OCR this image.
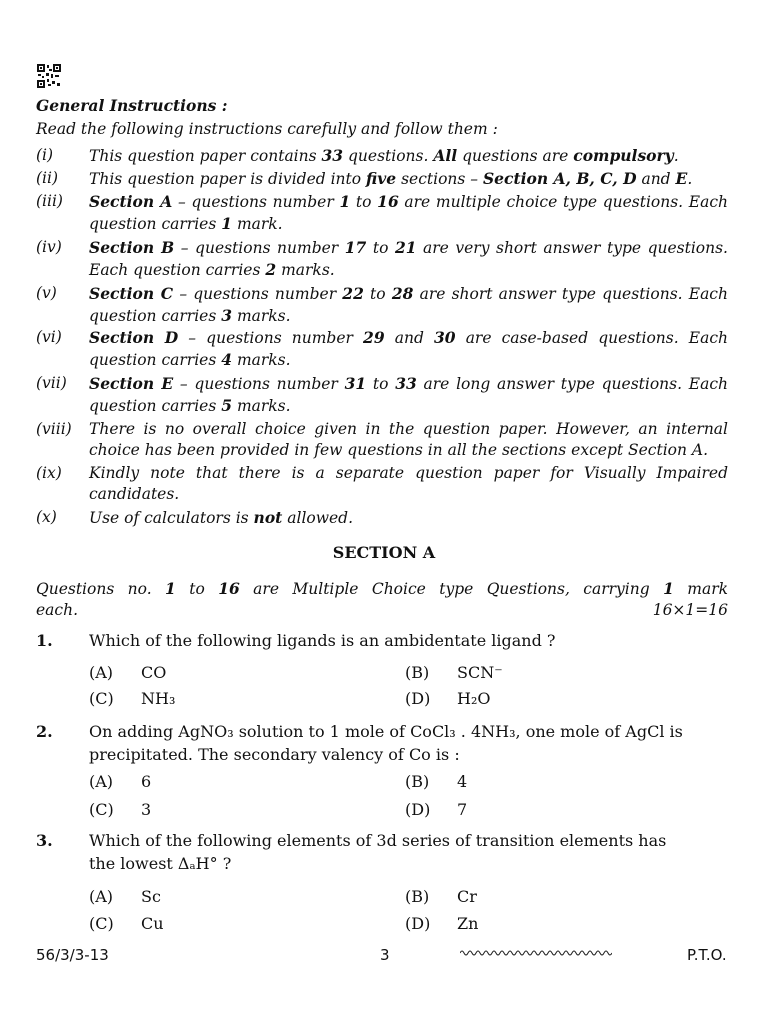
General Instructions :
Read the following instructions carefully and follow them :
(i) This question paper contains 33 questions. All questions are compulsory.
(ii) This question paper is divided into five sections – Section A, B, C, D and E.
(iii) Section A – questions number 1 to 16 are multiple choice type questions. Each question carries 1 mark.
(iv) Section B – questions number 17 to 21 are very short answer type questions. Each question carries 2 marks.
(v) Section C – questions number 22 to 28 are short answer type questions. Each question carries 3 marks.
(vi) Section D – questions number 29 and 30 are case-based questions. Each question carries 4 marks.
(vii) Section E – questions number 31 to 33 are long answer type questions. Each question carries 5 marks.
(viii) There is no overall choice given in the question paper. However, an internal choice has been provided in few questions in all the sections except Section A.
(ix) Kindly note that there is a separate question paper for Visually Impaired candidates.
(x) Use of calculators is not allowed.
SECTION A
Questions no. 1 to 16 are Multiple Choice type Questions, carrying 1 mark
each.	16×1=16
1. Which of the following ligands is an ambidentate ligand ?
(A) CO	(B) SCN⁻
(C) NH₃	(D) H₂O
2. On adding AgNO₃ solution to 1 mole of CoCl₃ . 4NH₃, one mole of AgCl is
precipitated. The secondary valency of Co is :
(A) 6	(B) 4
(C) 3	(D) 7
3. Which of the following elements of 3d series of transition elements has
the lowest ΔₐH° ?
(A) Sc	(B) Cr
(C) Cu	(D) Zn
56/3/3-13	3	P.T.O.
